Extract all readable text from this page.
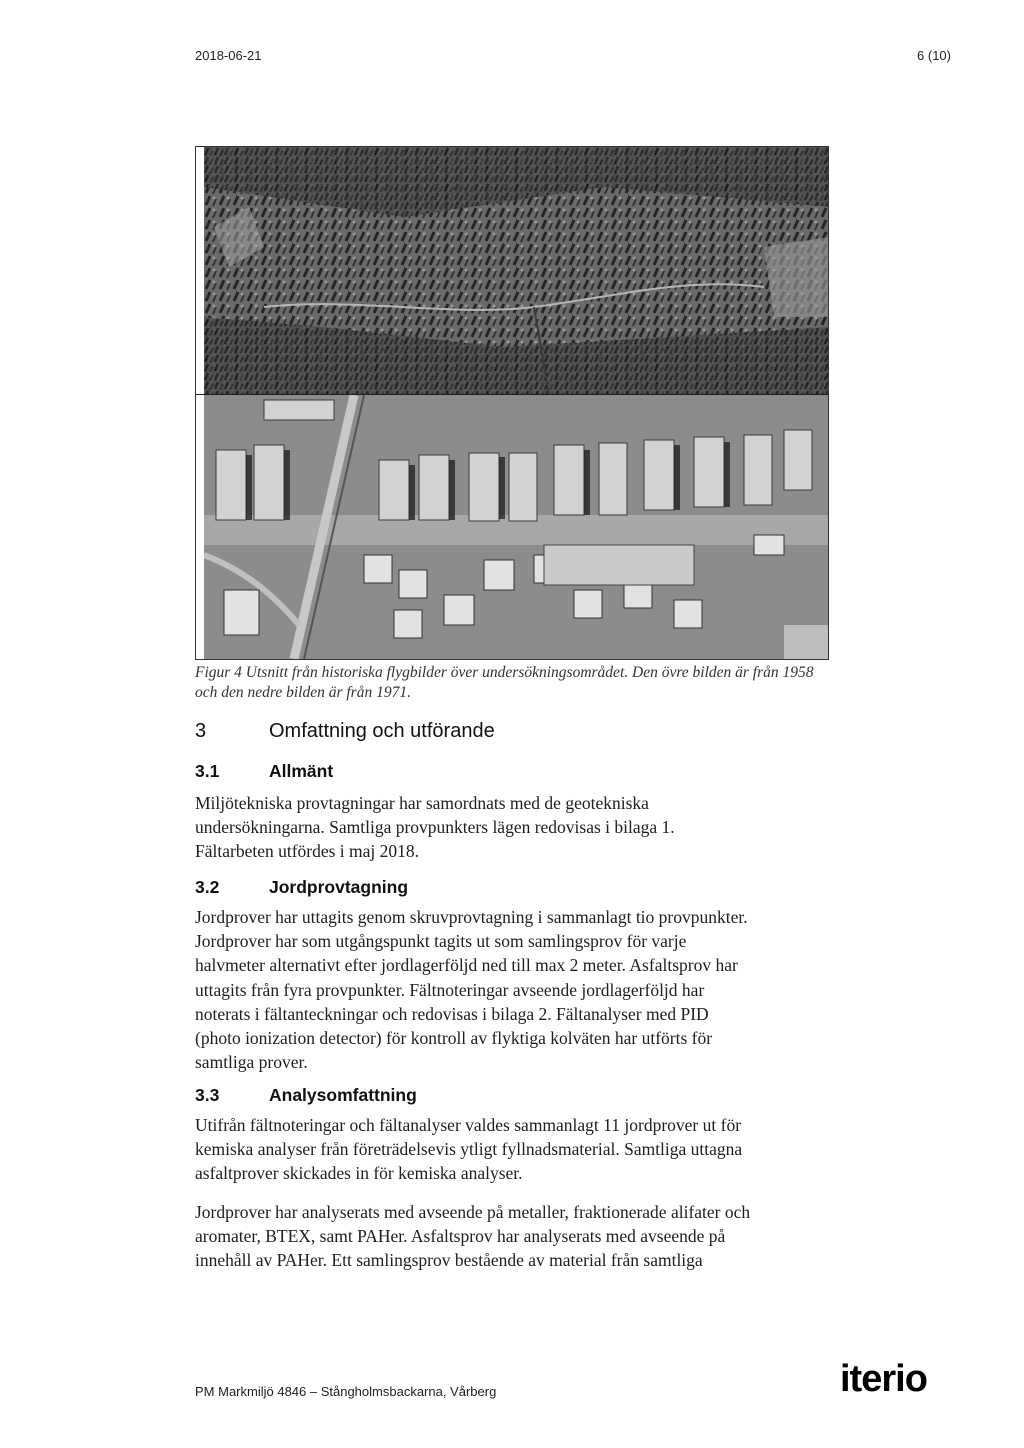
2018-06-21	6 (10)
Figur 4 Utsnitt från historiska flygbilder över undersökningsområdet. Den övre bilden är från 1958
och den nedre bilden är från 1971.
3	Omfattning och utförande
3.1	Allmänt
Miljötekniska provtagningar har samordnats med de geotekniska
undersökningarna. Samtliga provpunkters lägen redovisas i bilaga 1.
Fältarbeten utfördes i maj 2018.
3.2	Jordprovtagning
Jordprover har uttagits genom skruvprovtagning i sammanlagt tio provpunkter.
Jordprover har som utgångspunkt tagits ut som samlingsprov för varje
halvmeter alternativt efter jordlagerföljd ned till max 2 meter. Asfaltsprov har
uttagits från fyra provpunkter. Fältnoteringar avseende jordlagerföljd har
noterats i fältanteckningar och redovisas i bilaga 2. Fältanalyser med PID
(photo ionization detector) för kontroll av flyktiga kolväten har utförts för
samtliga prover.
3.3	Analysomfattning
Utifrån fältnoteringar och fältanalyser valdes sammanlagt 11 jordprover ut för
kemiska analyser från företrädelsevis ytligt fyllnadsmaterial. Samtliga uttagna
asfaltprover skickades in för kemiska analyser.
Jordprover har analyserats med avseende på metaller, fraktionerade alifater och
aromater, BTEX, samt PAHer. Asfaltsprov har analyserats med avseende på
innehåll av PAHer. Ett samlingsprov bestående av material från samtliga
PM Markmiljö 4846 – Stångholmsbackarna, Vårberg	iterio
